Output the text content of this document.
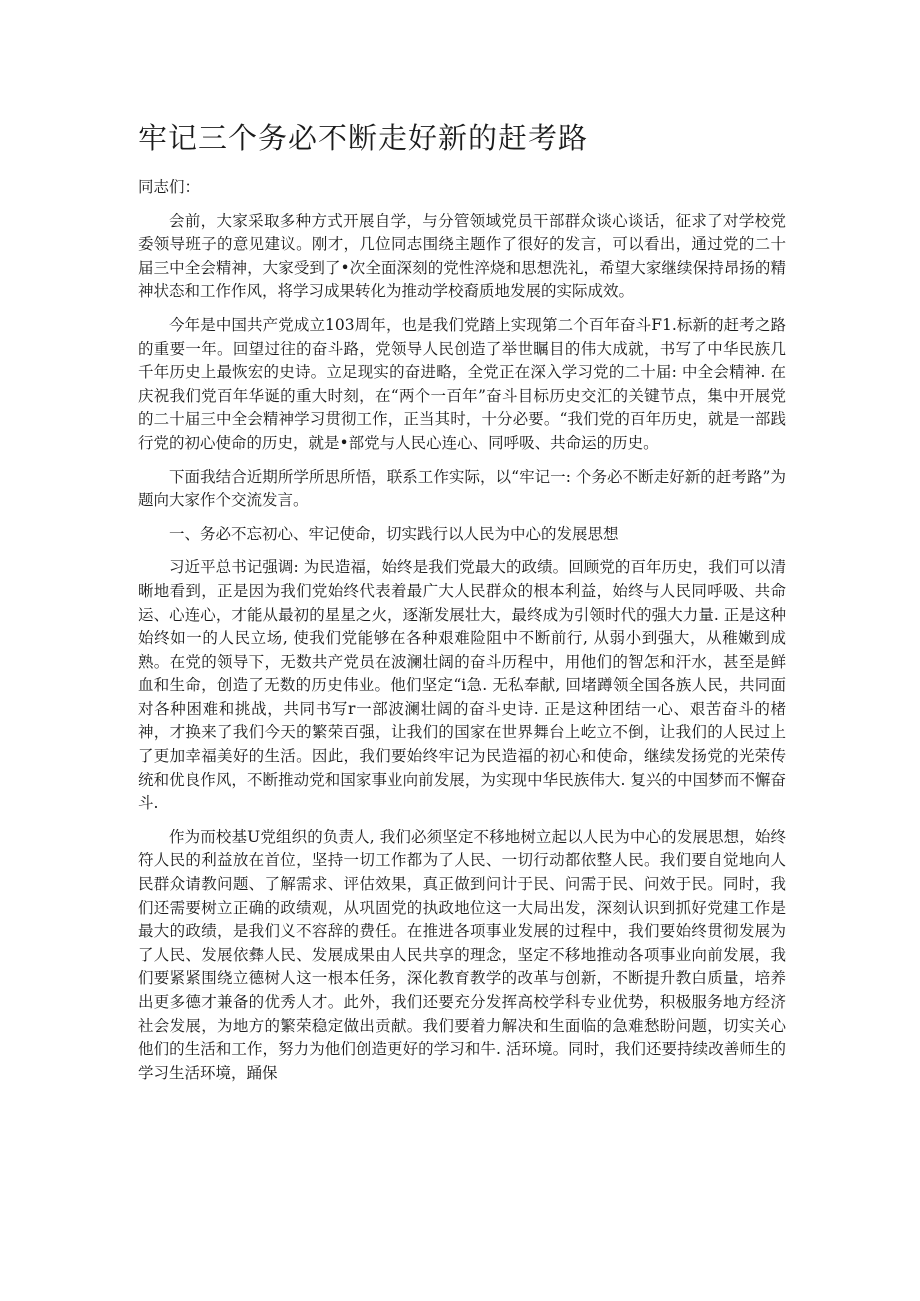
牢记三个务必不断走好新的赶考路

同志们：

会前，大家采取多种方式开展自学，与分管领域党员干部群众谈心谈话，征求了对学校党委领导班子的意见建议。刚才，几位同志围绕主题作了很好的发言，可以看出，通过党的二十届三中全会精神，大家受到了•次全面深刻的党性淬烧和思想洗礼，希望大家继续保持昂扬的精神状态和工作作风，将学习成果转化为推动学校裔质地发展的实际成效。

今年是中国共产党成立103周年，也是我们党踏上实现第二个百年奋斗F1.标新的赶考之路的重要一年。回望过往的奋斗路，党领导人民创造了举世瞩目的伟大成就，书写了中华民族几千年历史上最恢宏的史诗。立足现实的奋进略，全党正在深入学习党的二十届: 中全会精神. 在庆祝我们党百年华诞的重大时刻，在“两个一百年”奋斗目标历史交汇的关键节点，集中开展党的二十届三中全会精神学习贯彻工作，正当其时，十分必要。“我们党的百年历史，就是一部践行党的初心使命的历史，就是•部党与人民心连心、同呼吸、共命运的历史。

下面我结合近期所学所思所悟，联系工作实际，以“牢记一: 个务必不断走好新的赶考路”为题向大家作个交流发言。

一、务必不忘初心、牢记使命，切实践行以人民为中心的发展思想

习近平总书记强调: 为民造福，始终是我们党最大的政绩。回顾党的百年历史，我们可以清晰地看到，正是因为我们党始终代表着最广大人民群众的根本利益，始终与人民同呼吸、共命运、心连心，才能从最初的星星之火，逐渐发展壮大，最终成为引领时代的强大力量. 正是这种始终如一的人民立场, 使我们党能够在各种艰难险阻中不断前行, 从弱小到强大，从稚嫩到成熟。在党的领导下，无数共产党员在波澜壮阔的奋斗历程中，用他们的智怎和汗水，甚至是鲜血和生命，创造了无数的历史伟业。他们坚定“i急. 无私奉献, 回堵蹲领全国各族人民，共同面对各种困难和挑战，共同书写r一部波澜壮阔的奋斗史诗. 正是这种团结一心、艰苦奋斗的楮神，才换来了我们今天的繁荣百强，让我们的国家在世界舞台上屹立不倒，让我们的人民过上了更加幸福美好的生活。因此，我们要始终牢记为民造福的初心和使命，继续发扬党的光荣传统和优良作风，不断推动党和国家事业向前发展，为实现中华民族伟大. 复兴的中国梦而不懈奋斗.

作为而校基U党组织的负责人, 我们必须坚定不移地树立起以人民为中心的发展思想，始终符人民的利益放在首位，坚持一切工作都为了人民、一切行动都依整人民。我们要自觉地向人民群众请教问题、了解需求、评估效果，真正做到问计于民、问需于民、问效于民。同时，我们还需要树立正确的政绩观，从巩固党的执政地位这一大局出发，深刻认识到抓好党建工作是最大的政绩，是我们义不容辞的费任。在推进各项事业发展的过程中，我们要始终贯彻发展为了人民、发展依彝人民、发展成果由人民共享的理念，坚定不移地推动各项事业向前发展，我们要紧紧围绕立德树人这一根本任务，深化教育教学的改革与创新，不断提升教白质量，培养出更多德才兼备的优秀人才。此外，我们还要充分发挥高校学科专业优势，积极服务地方经济社会发展，为地方的繁荣稳定做出贡献。我们要着力解决和生面临的急难愁盼问题，切实关心他们的生活和工作，努力为他们创造更好的学习和牛. 活环境。同时，我们还要持续改善师生的学习生活环境，踊保
